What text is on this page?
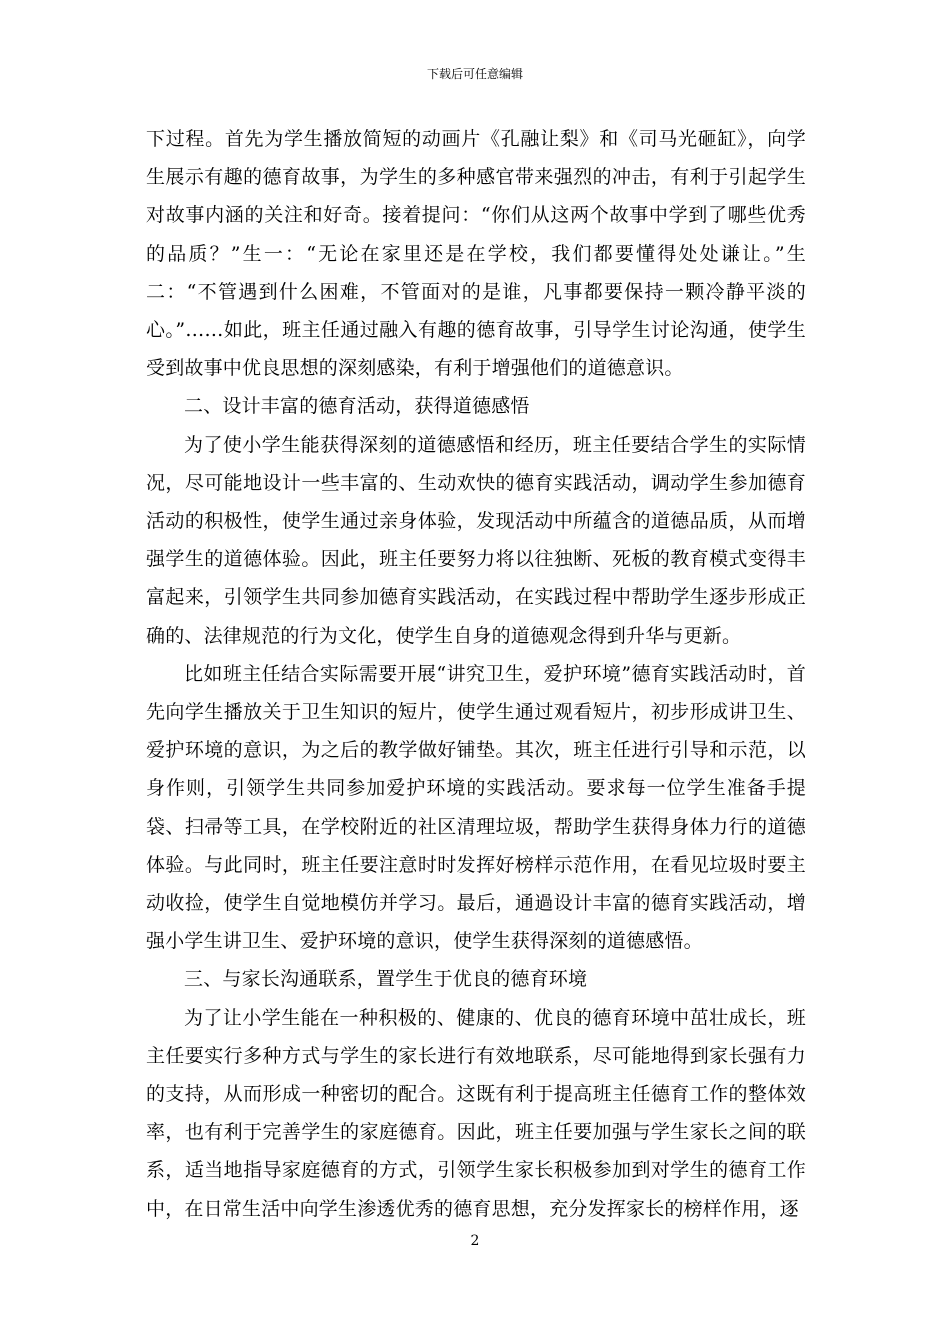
下载后可任意编辑

下过程。首先为学生播放简短的动画片《孔融让梨》和《司马光砸缸》，向学生展示有趣的德育故事，为学生的多种感官带来强烈的冲击，有利于引起学生对故事内涵的关注和好奇。接着提问：“你们从这两个故事中学到了哪些优秀的品质？”生一：“无论在家里还是在学校，我们都要懂得处处谦让。”生二：“不管遇到什么困难，不管面对的是谁，凡事都要保持一颗冷静平淡的心。”……如此，班主任通过融入有趣的德育故事，引导学生讨论沟通，使学生受到故事中优良思想的深刻感染，有利于增强他们的道德意识。

二、设计丰富的德育活动，获得道德感悟

为了使小学生能获得深刻的道德感悟和经历，班主任要结合学生的实际情况，尽可能地设计一些丰富的、生动欢快的德育实践活动，调动学生参加德育活动的积极性，使学生通过亲身体验，发现活动中所蕴含的道德品质，从而增强学生的道德体验。因此，班主任要努力将以往独断、死板的教育模式变得丰富起来，引领学生共同参加德育实践活动，在实践过程中帮助学生逐步形成正确的、法律规范的行为文化，使学生自身的道德观念得到升华与更新。

比如班主任结合实际需要开展“讲究卫生，爱护环境”德育实践活动时，首先向学生播放关于卫生知识的短片，使学生通过观看短片，初步形成讲卫生、爱护环境的意识，为之后的教学做好铺垫。其次，班主任进行引导和示范，以身作则，引领学生共同参加爱护环境的实践活动。要求每一位学生准备手提袋、扫帚等工具，在学校附近的社区清理垃圾，帮助学生获得身体力行的道德体验。与此同时，班主任要注意时时发挥好榜样示范作用，在看见垃圾时要主动收捡，使学生自觉地模仿并学习。最后，通過设计丰富的德育实践活动，增强小学生讲卫生、爱护环境的意识，使学生获得深刻的道德感悟。

三、与家长沟通联系，置学生于优良的德育环境

为了让小学生能在一种积极的、健康的、优良的德育环境中茁壮成长，班主任要实行多种方式与学生的家长进行有效地联系，尽可能地得到家长强有力的支持，从而形成一种密切的配合。这既有利于提高班主任德育工作的整体效率，也有利于完善学生的家庭德育。因此，班主任要加强与学生家长之间的联系，适当地指导家庭德育的方式，引领学生家长积极参加到对学生的德育工作中，在日常生活中向学生渗透优秀的德育思想，充分发挥家长的榜样作用，逐

2
